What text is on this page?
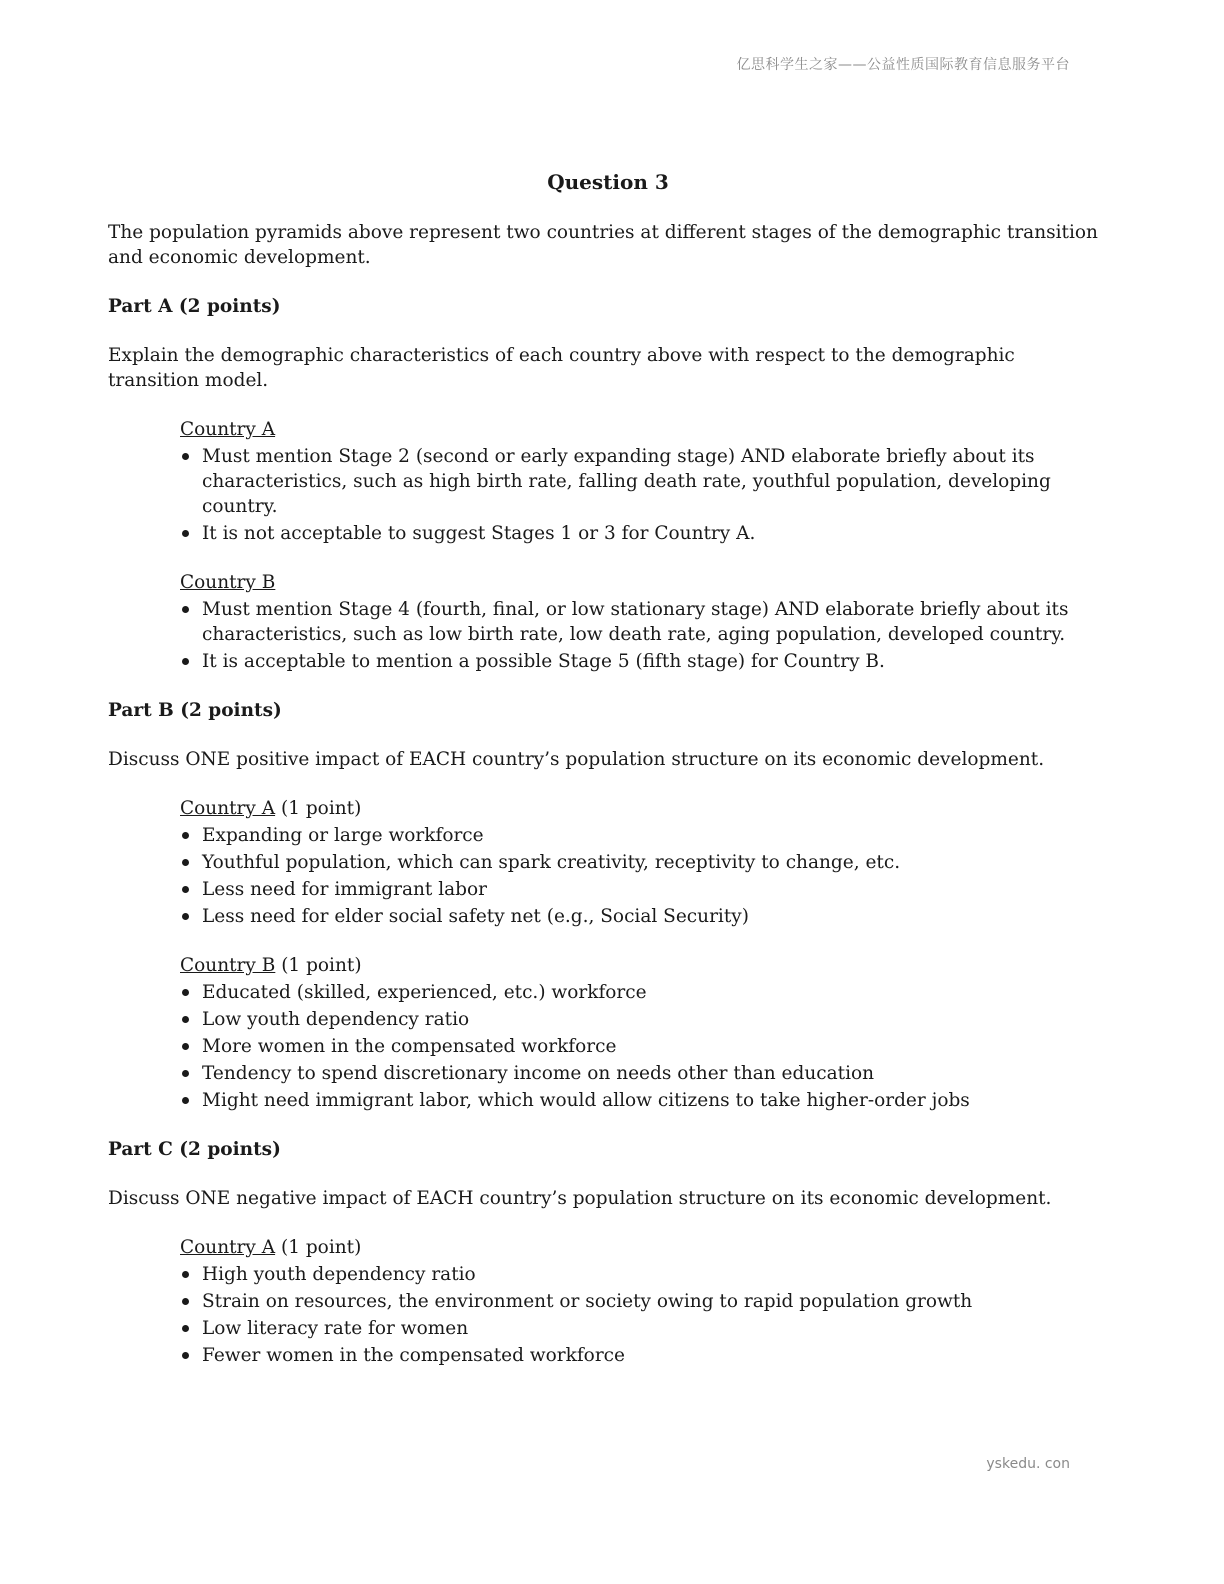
亿思科学生之家——公益性质国际教育信息服务平台
Question 3

The population pyramids above represent two countries at different stages of the demographic transition and economic development.

Part A (2 points)

Explain the demographic characteristics of each country above with respect to the demographic transition model.

Country A
Must mention Stage 2 (second or early expanding stage) AND elaborate briefly about its characteristics, such as high birth rate, falling death rate, youthful population, developing country.
It is not acceptable to suggest Stages 1 or 3 for Country A.
Country B
Must mention Stage 4 (fourth, final, or low stationary stage) AND elaborate briefly about its characteristics, such as low birth rate, low death rate, aging population, developed country.
It is acceptable to mention a possible Stage 5 (fifth stage) for Country B.

Part B (2 points)

Discuss ONE positive impact of EACH country’s population structure on its economic development.

Country A (1 point)
Expanding or large workforce
Youthful population, which can spark creativity, receptivity to change, etc.
Less need for immigrant labor
Less need for elder social safety net (e.g., Social Security)
Country B (1 point)
Educated (skilled, experienced, etc.) workforce
Low youth dependency ratio
More women in the compensated workforce
Tendency to spend discretionary income on needs other than education
Might need immigrant labor, which would allow citizens to take higher-order jobs

Part C (2 points)

Discuss ONE negative impact of EACH country’s population structure on its economic development.

Country A (1 point)
High youth dependency ratio
Strain on resources, the environment or society owing to rapid population growth
Low literacy rate for women
Fewer women in the compensated workforce
yskedu. con
